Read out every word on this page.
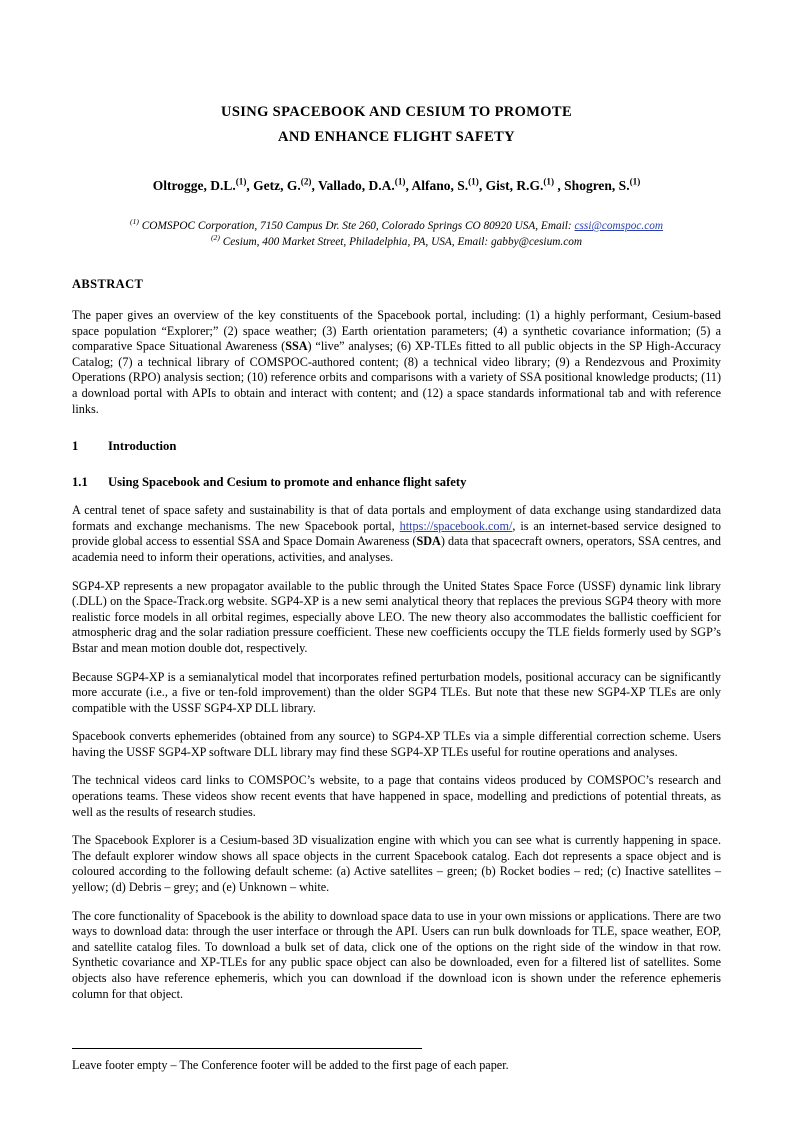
USING SPACEBOOK AND CESIUM TO PROMOTE
AND ENHANCE FLIGHT SAFETY
Oltrogge, D.L.$^{(1)}$, Getz, G.$^{(2)}$, Vallado, D.A.$^{(1)}$, Alfano, S.$^{(1)}$, Gist, R.G.$^{(1)}$ , Shogren, S.$^{(1)}$
$^{(1)}$ COMSPOC Corporation, 7150 Campus Dr. Ste 260, Colorado Springs CO 80920 USA, Email: cssi@comspoc.com
$^{(2)}$ Cesium, 400 Market Street, Philadelphia, PA, USA, Email: gabby@cesium.com
ABSTRACT

The paper gives an overview of the key constituents of the Spacebook portal, including: (1) a highly performant, Cesium-based space population “Explorer;” (2) space weather; (3) Earth orientation parameters; (4) a synthetic covariance information; (5) a comparative Space Situational Awareness (SSA) “live” analyses; (6) XP-TLEs fitted to all public objects in the SP High-Accuracy Catalog; (7) a technical library of COMSPOC-authored content; (8) a technical video library; (9) a Rendezvous and Proximity Operations (RPO) analysis section; (10) reference orbits and comparisons with a variety of SSA positional knowledge products; (11) a download portal with APIs to obtain and interact with content; and (12) a space standards informational tab and with reference links.

1	Introduction
1.1	Using Spacebook and Cesium to promote and enhance flight safety

A central tenet of space safety and sustainability is that of data portals and employment of data exchange using standardized data formats and exchange mechanisms. The new Spacebook portal, https://spacebook.com/, is an internet-based service designed to provide global access to essential SSA and Space Domain Awareness (SDA) data that spacecraft owners, operators, SSA centres, and academia need to inform their operations, activities, and analyses.

SGP4-XP represents a new propagator available to the public through the United States Space Force (USSF) dynamic link library (.DLL) on the Space-Track.org website. SGP4-XP is a new semi analytical theory that replaces the previous SGP4 theory with more realistic force models in all orbital regimes, especially above LEO. The new theory also accommodates the ballistic coefficient for atmospheric drag and the solar radiation pressure coefficient. These new coefficients occupy the TLE fields formerly used by SGP’s Bstar and mean motion double dot, respectively.

Because SGP4-XP is a semianalytical model that incorporates refined perturbation models, positional accuracy can be significantly more accurate (i.e., a five or ten-fold improvement) than the older SGP4 TLEs. But note that these new SGP4-XP TLEs are only compatible with the USSF SGP4-XP DLL library.

Spacebook converts ephemerides (obtained from any source) to SGP4-XP TLEs via a simple differential correction scheme. Users having the USSF SGP4-XP software DLL library may find these SGP4-XP TLEs useful for routine operations and analyses.

The technical videos card links to COMSPOC’s website, to a page that contains videos produced by COMSPOC’s research and operations teams. These videos show recent events that have happened in space, modelling and predictions of potential threats, as well as the results of research studies.

The Spacebook Explorer is a Cesium-based 3D visualization engine with which you can see what is currently happening in space. The default explorer window shows all space objects in the current Spacebook catalog. Each dot represents a space object and is coloured according to the following default scheme: (a) Active satellites – green; (b) Rocket bodies – red; (c) Inactive satellites – yellow; (d) Debris – grey; and (e) Unknown – white.

The core functionality of Spacebook is the ability to download space data to use in your own missions or applications. There are two ways to download data: through the user interface or through the API. Users can run bulk downloads for TLE, space weather, EOP, and satellite catalog files. To download a bulk set of data, click one of the options on the right side of the window in that row. Synthetic covariance and XP-TLEs for any public space object can also be downloaded, even for a filtered list of satellites. Some objects also have reference ephemeris, which you can download if the download icon is shown under the reference ephemeris column for that object.

Leave footer empty – The Conference footer will be added to the first page of each paper.
